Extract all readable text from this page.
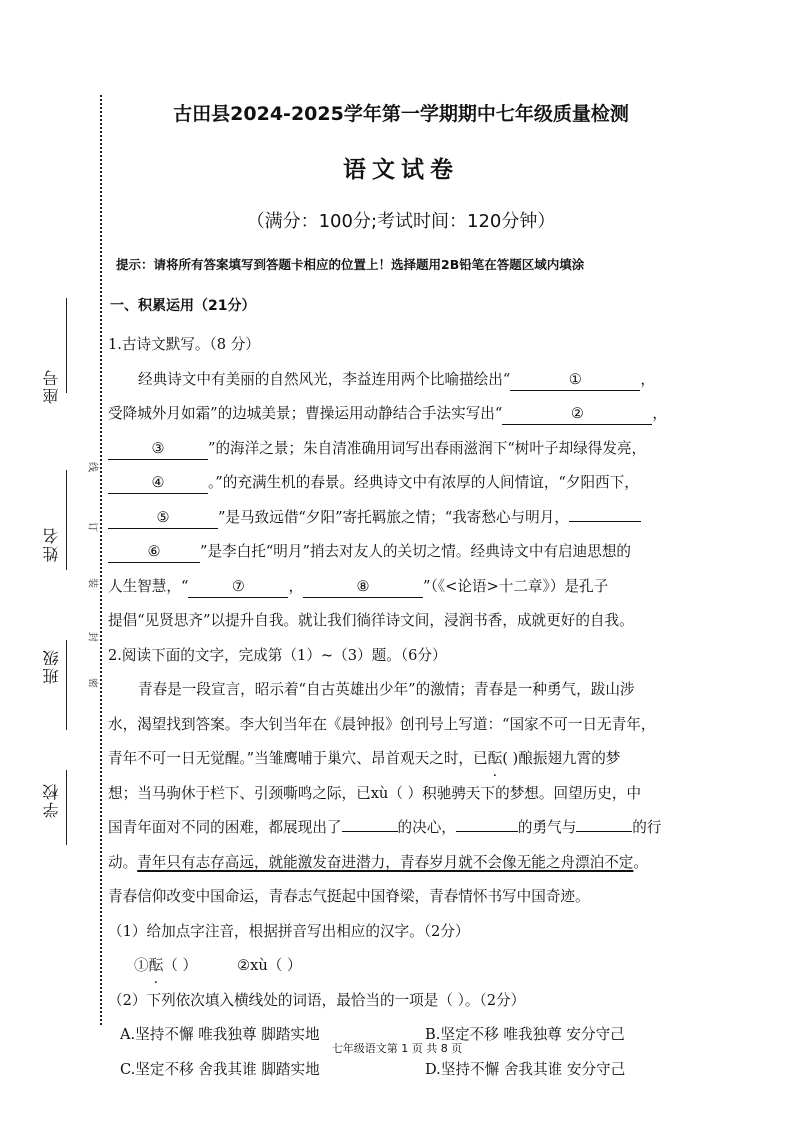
座号
姓名
班级
学校
线
订
装
封
密
古田县2024-2025学年第一学期期中七年级质量检测
语文试卷
（满分：100分;考试时间：120分钟）
提示：请将所有答案填写到答题卡相应的位置上！选择题用2B铅笔在答题区域内填涂
一、积累运用（21分）

1.古诗文默写。（8 分）

经典诗文中有美丽的自然风光，李益连用两个比喻描绘出“	①	，

受降城外月如霜”的边城美景；曹操运用动静结合手法实写出“	②	，

③	”的海洋之景；朱自清准确用词写出春雨滋润下“树叶子却绿得发亮，

④	。”的充满生机的春景。经典诗文中有浓厚的人间情谊，“夕阳西下，

⑤	”是马致远借“夕阳”寄托羁旅之情；“我寄愁心与明月，

⑥	”是李白托“明月”捎去对友人的关切之情。经典诗文中有启迪思想的

人生智慧，“	⑦	，	⑧	”（《<论语>十二章》）是孔子

提倡“见贤思齐”以提升自我。就让我们徜徉诗文间，浸润书香，成就更好的自我。

2.阅读下面的文字，完成第（1）~（3）题。（6分）

青春是一段宣言，昭示着“自古英雄出少年”的激情；青春是一种勇气，跋山涉

水，渴望找到答案。李大钊当年在《晨钟报》创刊号上写道：“国家不可一日无青年，

青年不可一日无觉醒。”当雏鹰哺于巢穴、昂首观天之时，已酝( )酿振翅九霄的梦

想；当马驹休于栏下、引颈嘶鸣之际，已xù（ ）积驰骋天下的梦想。回望历史，中

国青年面对不同的困难，都展现出了	的决心，	的勇气与	的行

动。青年只有志存高远，就能激发奋进潜力，青春岁月就不会像无能之舟漂泊不定。

青春信仰改变中国命运，青春志气挺起中国脊梁，青春情怀书写中国奇迹。

（1）给加点字注音，根据拼音写出相应的汉字。（2分）

①酝（ ）	②xù（ ）

（2）下列依次填入横线处的词语，最恰当的一项是（ ）。（2分）

A.坚持不懈 唯我独尊 脚踏实地	B.坚定不移 唯我独尊 安分守己
C.坚定不移 舍我其谁 脚踏实地	D.坚持不懈 舍我其谁 安分守己
七年级语文第 1 页 共 8 页
